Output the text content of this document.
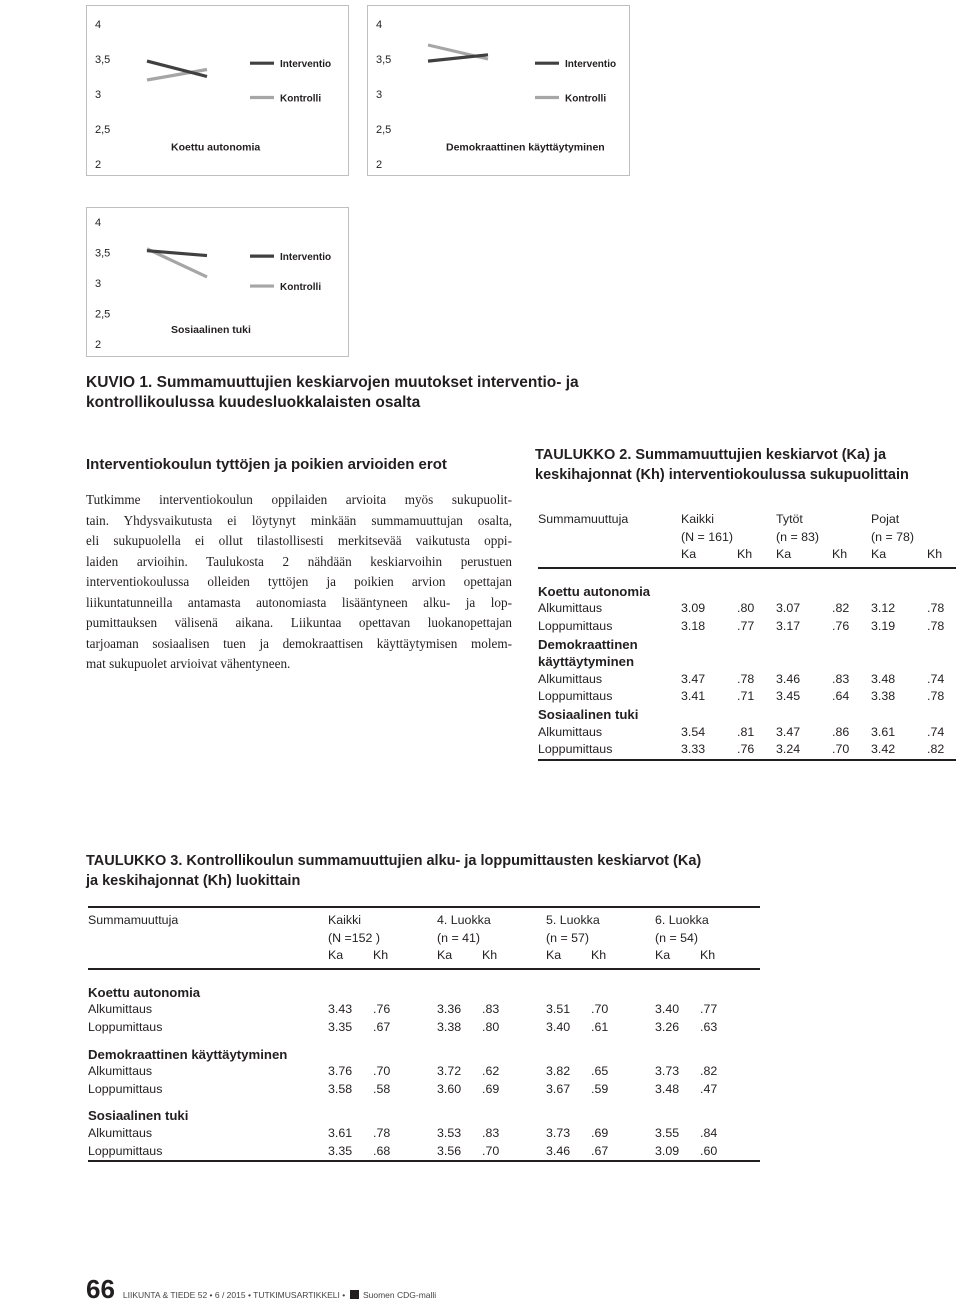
4
3,5
3
2,5
2
Interventio
Kontrolli
Koettu autonomia
4
3,5
3
2,5
2
Interventio
Kontrolli
Demokraattinen käyttäytyminen
4
3,5
3
2,5
2
Interventio
Kontrolli
Sosiaalinen tuki
KUVIO 1. Summamuuttujien keskiarvojen muutokset interventio- ja
kontrollikoulussa kuudesluokkalaisten osalta
Interventiokoulun tyttöjen ja poikien arvioiden erot
Tutkimme interventiokoulun oppilaiden arvioita myös sukupuolit-
tain. Yhdysvaikutusta ei löytynyt minkään summamuuttujan osalta,
eli sukupuolella ei ollut tilastollisesti merkitsevää vaikutusta oppi-
laiden arvioihin. Taulukosta 2 nähdään keskiarvoihin perustuen
interventiokoulussa olleiden tyttöjen ja poikien arvion opettajan
liikuntatunneilla antamasta autonomiasta lisääntyneen alku- ja lop-
pumittauksen välisenä aikana. Liikuntaa opettavan luokanopettajan
tarjoaman sosiaalisen tuen ja demokraattisen käyttäytymisen molem-
mat sukupuolet arvioivat vähentyneen.
TAULUKKO 2. Summamuuttujien keskiarvot (Ka) ja
keskihajonnat (Kh) interventiokoulussa sukupuolittain

Summamuuttuja	Kaikki		Tytöt		Pojat	
	(N = 161)		(n = 83)		(n = 78)	
	Ka	Kh	Ka	Kh	Ka	Kh

Koettu autonomia						
Alkumittaus	3.09	.80	3.07	.82	3.12	.78
Loppumittaus	3.18	.77	3.17	.76	3.19	.78
Demokraattinen						
käyttäytyminen						
Alkumittaus	3.47	.78	3.46	.83	3.48	.74
Loppumittaus	3.41	.71	3.45	.64	3.38	.78
Sosiaalinen tuki						
Alkumittaus	3.54	.81	3.47	.86	3.61	.74
Loppumittaus	3.33	.76	3.24	.70	3.42	.82

TAULUKKO 3. Kontrollikoulun summamuuttujien alku- ja loppumittausten keskiarvot (Ka)
ja keskihajonnat (Kh) luokittain

Summamuuttuja	Kaikki		4. Luokka		5. Luokka		6. Luokka	
	(N =152 )		(n = 41)		(n = 57)		(n = 54)	
	Ka	Kh	Ka	Kh	Ka	Kh	Ka	Kh

Koettu autonomia								
Alkumittaus	3.43	.76	3.36	.83	3.51	.70	3.40	.77
Loppumittaus	3.35	.67	3.38	.80	3.40	.61	3.26	.63

Demokraattinen käyttäytyminen								
Alkumittaus	3.76	.70	3.72	.62	3.82	.65	3.73	.82
Loppumittaus	3.58	.58	3.60	.69	3.67	.59	3.48	.47

Sosiaalinen tuki								
Alkumittaus	3.61	.78	3.53	.83	3.73	.69	3.55	.84
Loppumittaus	3.35	.68	3.56	.70	3.46	.67	3.09	.60

66 LIIKUNTA & TIEDE 52 • 6 / 2015 • TUTKIMUSARTIKKELI • Suomen CDG-malli
